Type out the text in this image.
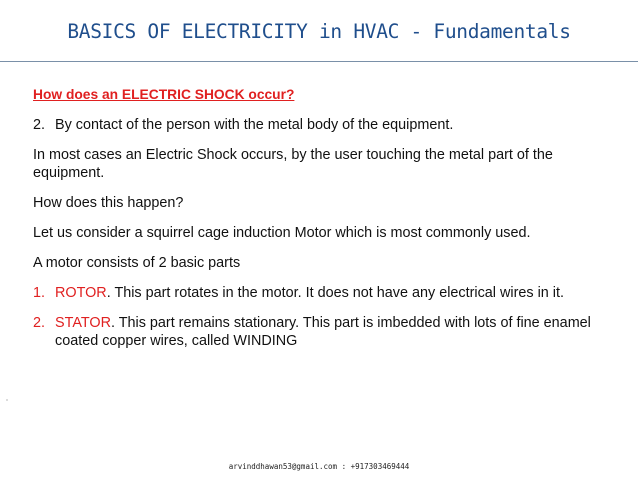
BASICS OF ELECTRICITY in HVAC - Fundamentals

How does an ELECTRIC SHOCK occur?

2. By contact of the person with the metal body of the equipment.

In most cases an Electric Shock occurs, by the user touching the metal part of the equipment.

How does this happen?

Let us consider a squirrel cage induction Motor which is most commonly used.

A motor consists of 2 basic parts

1. ROTOR. This part rotates in the motor. It does not have any electrical wires in it.
2. STATOR. This part remains stationary. This part is imbedded with lots of fine enamel coated copper wires, called WINDING
arvinddhawan53@gmail.com : +917303469444
